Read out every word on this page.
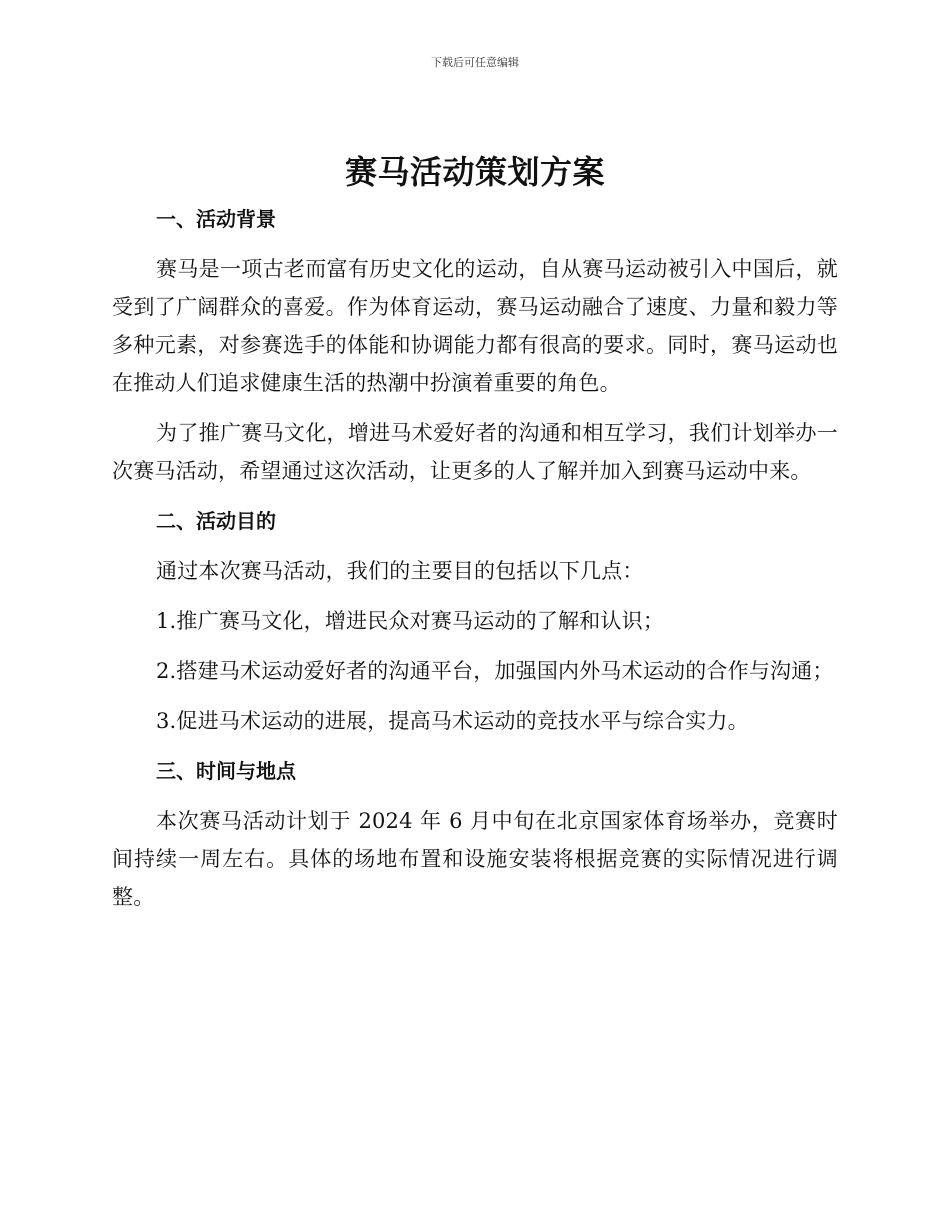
下载后可任意编辑
赛马活动策划方案
一、活动背景

赛马是一项古老而富有历史文化的运动，自从赛马运动被引入中国后，就受到了广阔群众的喜爱。作为体育运动，赛马运动融合了速度、力量和毅力等多种元素，对参赛选手的体能和协调能力都有很高的要求。同时，赛马运动也在推动人们追求健康生活的热潮中扮演着重要的角色。

为了推广赛马文化，增进马术爱好者的沟通和相互学习，我们计划举办一次赛马活动，希望通过这次活动，让更多的人了解并加入到赛马运动中来。

二、活动目的

通过本次赛马活动，我们的主要目的包括以下几点：

1.推广赛马文化，增进民众对赛马运动的了解和认识；

2.搭建马术运动爱好者的沟通平台，加强国内外马术运动的合作与沟通；

3.促进马术运动的进展，提高马术运动的竞技水平与综合实力。

三、时间与地点

本次赛马活动计划于 2024 年 6 月中旬在北京国家体育场举办，竞赛时间持续一周左右。具体的场地布置和设施安装将根据竞赛的实际情况进行调整。
